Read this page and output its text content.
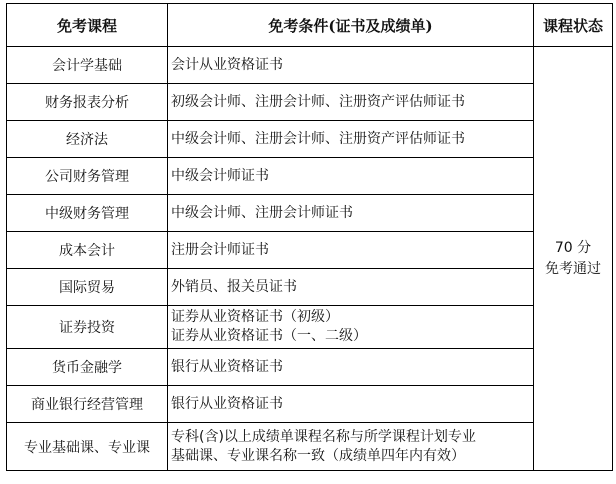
免考课程	免考条件(证书及成绩单)	课程状态
会计学基础	会计从业资格证书	70 分
免考通过

财务报表分析	初级会计师、注册会计师、注册资产评估师证书	

经济法	中级会计师、注册会计师、注册资产评估师证书	

公司财务管理	中级会计师证书	

中级财务管理	中级会计师、注册会计师证书	

成本会计	注册会计师证书	

国际贸易	外销员、报关员证书	

证券投资	证券从业资格证书（初级）
证券从业资格证书（一、二级）	

货币金融学	银行从业资格证书	

商业银行经营管理	银行从业资格证书	

专业基础课、专业课	专科(含)以上成绩单课程名称与所学课程计划专业
基础课、专业课名称一致（成绩单四年内有效）	
